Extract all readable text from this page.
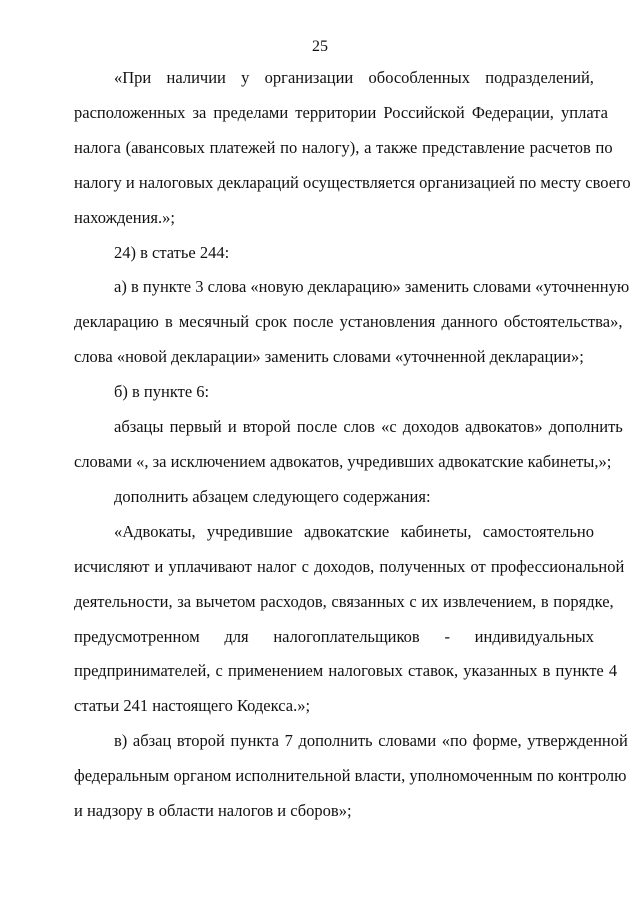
25
«При наличии у организации обособленных подразделений,
расположенных за пределами территории Российской Федерации, уплата
налога (авансовых платежей по налогу), а также представление расчетов по
налогу и налоговых деклараций осуществляется организацией по месту своего
нахождения.»;
24) в статье 244:
а) в пункте 3 слова «новую декларацию» заменить словами «уточненную
декларацию в месячный срок после установления данного обстоятельства»,
слова «новой декларации» заменить словами «уточненной декларации»;
б) в пункте 6:
абзацы первый и второй после слов «с доходов адвокатов» дополнить
словами «, за исключением адвокатов, учредивших адвокатские кабинеты,»;
дополнить абзацем следующего содержания:
«Адвокаты, учредившие адвокатские кабинеты, самостоятельно
исчисляют и уплачивают налог с доходов, полученных от профессиональной
деятельности, за вычетом расходов, связанных с их извлечением, в порядке,
предусмотренном для налогоплательщиков - индивидуальных
предпринимателей, с применением налоговых ставок, указанных в пункте 4
статьи 241 настоящего Кодекса.»;
в) абзац второй пункта 7 дополнить словами «по форме, утвержденной
федеральным органом исполнительной власти, уполномоченным по контролю
и надзору в области налогов и сборов»;
